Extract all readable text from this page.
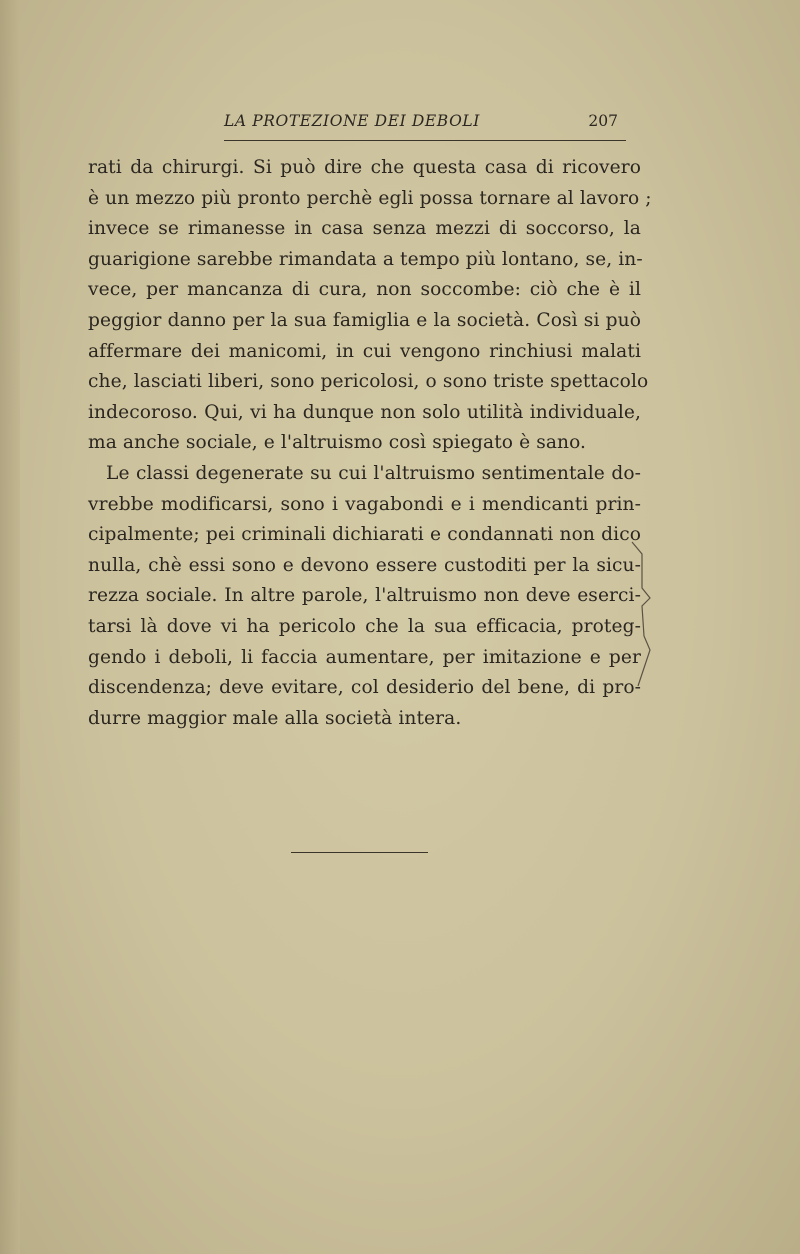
LA PROTEZIONE DEI DEBOLI	207
rati da chirurgi. Si può dire che questa casa di ricovero
è un mezzo più pronto perchè egli possa tornare al lavoro ;
invece se rimanesse in casa senza mezzi di soccorso, la
guarigione sarebbe rimandata a tempo più lontano, se, in-
vece, per mancanza di cura, non soccombe: ciò che è il
peggior danno per la sua famiglia e la società. Così si può
affermare dei manicomi, in cui vengono rinchiusi malati
che, lasciati liberi, sono pericolosi, o sono triste spettacolo
indecoroso. Qui, vi ha dunque non solo utilità individuale,
ma anche sociale, e l'altruismo così spiegato è sano.
Le classi degenerate su cui l'altruismo sentimentale do-
vrebbe modificarsi, sono i vagabondi e i mendicanti prin-
cipalmente; pei criminali dichiarati e condannati non dico
nulla, chè essi sono e devono essere custoditi per la sicu-
rezza sociale. In altre parole, l'altruismo non deve eserci-
tarsi là dove vi ha pericolo che la sua efficacia, proteg-
gendo i deboli, li faccia aumentare, per imitazione e per
discendenza; deve evitare, col desiderio del bene, di pro-
durre maggior male alla società intera.
